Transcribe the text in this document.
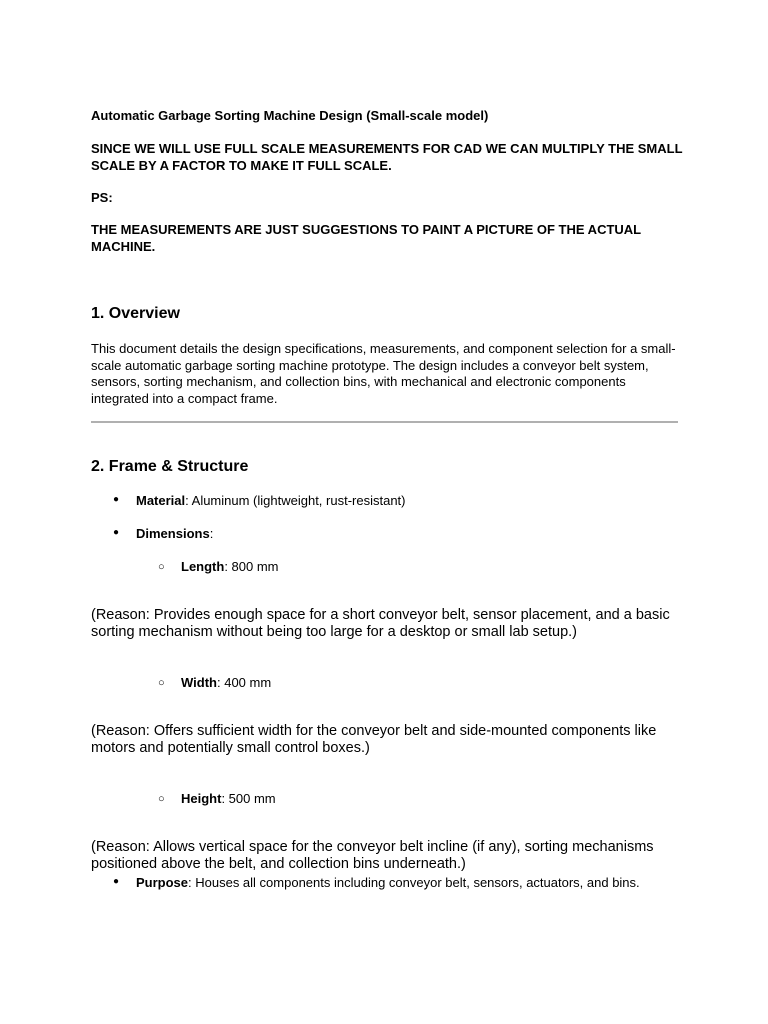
Automatic Garbage Sorting Machine Design (Small-scale model)

SINCE WE WILL USE FULL SCALE MEASUREMENTS FOR CAD WE CAN MULTIPLY THE SMALL SCALE BY A FACTOR TO MAKE IT FULL SCALE.

PS:

THE MEASUREMENTS ARE JUST SUGGESTIONS TO PAINT A PICTURE OF THE ACTUAL MACHINE.

1. Overview

This document details the design specifications, measurements, and component selection for a small-scale automatic garbage sorting machine prototype. The design includes a conveyor belt system, sensors, sorting mechanism, and collection bins, with mechanical and electronic components integrated into a compact frame.

2. Frame & Structure

● Material: Aluminum (lightweight, rust-resistant)
● Dimensions:
○ Length: 800 mm

(Reason: Provides enough space for a short conveyor belt, sensor placement, and a basic sorting mechanism without being too large for a desktop or small lab setup.)

○ Width: 400 mm

(Reason: Offers sufficient width for the conveyor belt and side-mounted components like motors and potentially small control boxes.)

○ Height: 500 mm

(Reason: Allows vertical space for the conveyor belt incline (if any), sorting mechanisms positioned above the belt, and collection bins underneath.)

● Purpose: Houses all components including conveyor belt, sensors, actuators, and bins.
